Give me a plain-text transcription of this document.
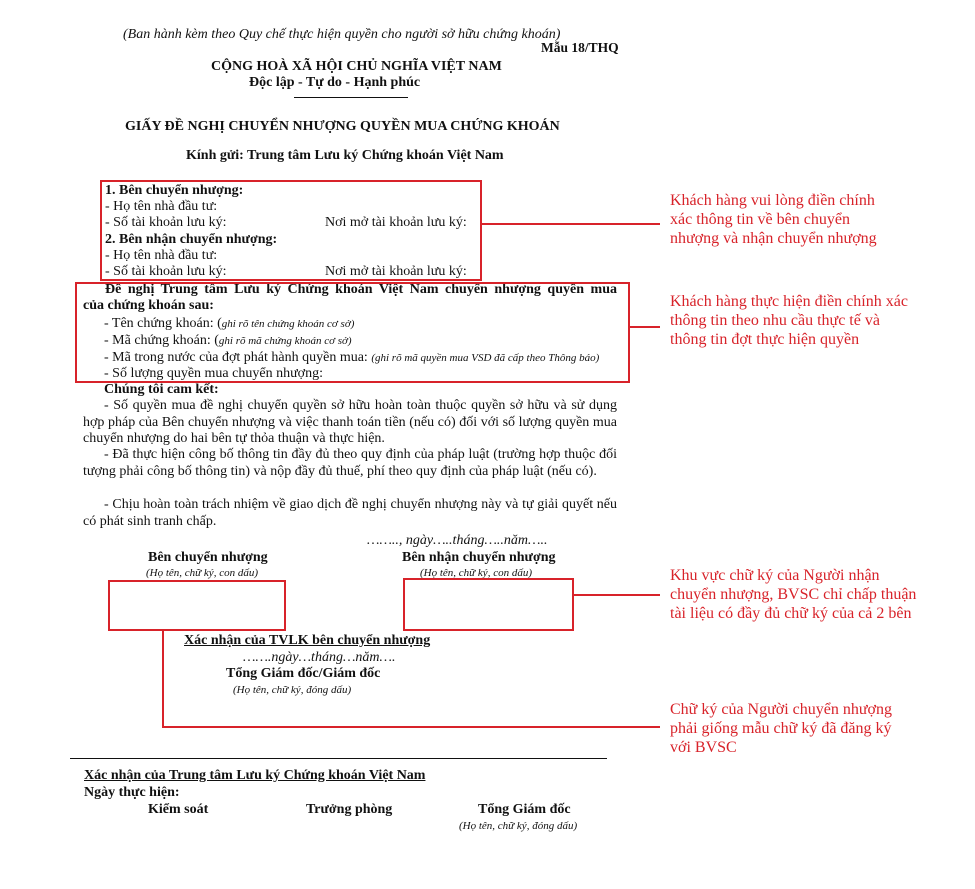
(Ban hành kèm theo Quy chế thực hiện quyền cho người sở hữu chứng khoán)
Mẫu 18/THQ
CỘNG HOÀ XÃ HỘI CHỦ NGHĨA VIỆT NAM
Độc lập - Tự do - Hạnh phúc
GIẤY ĐỀ NGHỊ CHUYỂN NHƯỢNG QUYỀN MUA CHỨNG KHOÁN
Kính gửi: Trung tâm Lưu ký Chứng khoán Việt Nam
1. Bên chuyển nhượng:
- Họ tên nhà đầu tư:
- Số tài khoản lưu ký:	Nơi mở tài khoản lưu ký:
2. Bên nhận chuyển nhượng:
- Họ tên nhà đầu tư:
- Số tài khoản lưu ký:	Nơi mở tài khoản lưu ký:
Đề nghị Trung tâm Lưu ký Chứng khoán Việt Nam chuyển nhượng quyền mua
của chứng khoán sau:
- Tên chứng khoán: (ghi rõ tên chứng khoán cơ sở)
- Mã chứng khoán: (ghi rõ mã chứng khoán cơ sở)
- Mã trong nước của đợt phát hành quyền mua: (ghi rõ mã quyền mua VSD đã cấp theo Thông báo)
- Số lượng quyền mua chuyển nhượng:
Chúng tôi cam kết:
- Số quyền mua đề nghị chuyển quyền sở hữu hoàn toàn thuộc quyền sở hữu và sử dụng hợp pháp của Bên chuyển nhượng và việc thanh toán tiền (nếu có) đối với số lượng quyền mua chuyển nhượng do hai bên tự thỏa thuận và thực hiện.
- Đã thực hiện công bố thông tin đầy đủ theo quy định của pháp luật (trường hợp thuộc đối tượng phải công bố thông tin) và nộp đầy đủ thuế, phí theo quy định của pháp luật (nếu có).
- Chịu hoàn toàn trách nhiệm về giao dịch đề nghị chuyển nhượng này và tự giải quyết nếu có phát sinh tranh chấp.
…….., ngày…..tháng…..năm…..
Bên chuyển nhượng
(Họ tên, chữ ký, con dấu)
Bên nhận chuyển nhượng
(Họ tên, chữ ký, con dấu)
Xác nhận của TVLK bên chuyển nhượng
…….ngày…tháng…năm….
Tổng Giám đốc/Giám đốc
(Họ tên, chữ ký, đóng dấu)
Xác nhận của Trung tâm Lưu ký Chứng khoán Việt Nam
Ngày thực hiện:
Kiểm soát	Trưởng phòng	Tổng Giám đốc
(Họ tên, chữ ký, đóng dấu)
Khách hàng vui lòng điền chính
xác thông tin về bên chuyển
nhượng và nhận chuyển nhượng
Khách hàng thực hiện điền chính xác
thông tin theo nhu cầu thực tế và
thông tin đợt thực hiện quyền
Khu vực chữ ký của Người nhận
chuyển nhượng, BVSC chỉ chấp thuận
tài liệu có đầy đủ chữ ký của cả 2 bên
Chữ ký của Người chuyển nhượng
phải giống mẫu chữ ký đã đăng ký
với BVSC
